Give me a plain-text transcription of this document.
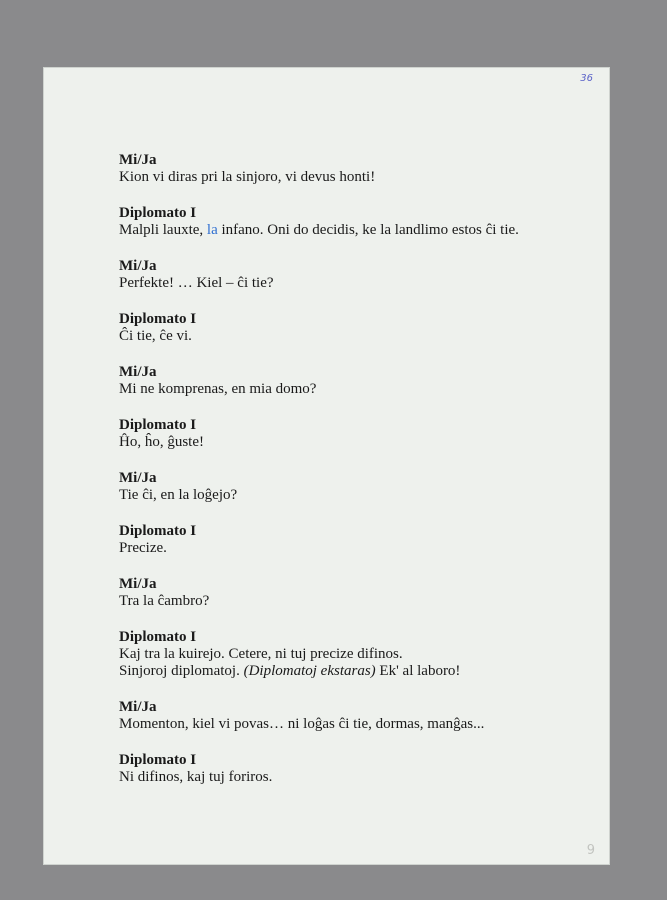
36
Mi/Ja
Kion vi diras pri la sinjoro, vi devus honti!
Diplomato I
Malpli lauxte, la infano. Oni do decidis, ke la landlimo estos ĉi tie.
Mi/Ja
Perfekte! … Kiel – ĉi tie?
Diplomato I
Ĉi tie, ĉe vi.
Mi/Ja
Mi ne komprenas, en mia domo?
Diplomato I
Ĥo, ĥo, ĝuste!
Mi/Ja
Tie ĉi, en la loĝejo?
Diplomato I
Precize.
Mi/Ja
Tra la ĉambro?
Diplomato I
Kaj tra la kuirejo. Cetere, ni tuj precize difinos.
Sinjoroj diplomatoj. (Diplomatoj ekstaras) Ek' al laboro!
Mi/Ja
Momenton, kiel vi povas… ni loĝas ĉi tie, dormas, manĝas...
Diplomato I
Ni difinos, kaj tuj foriros.
9
